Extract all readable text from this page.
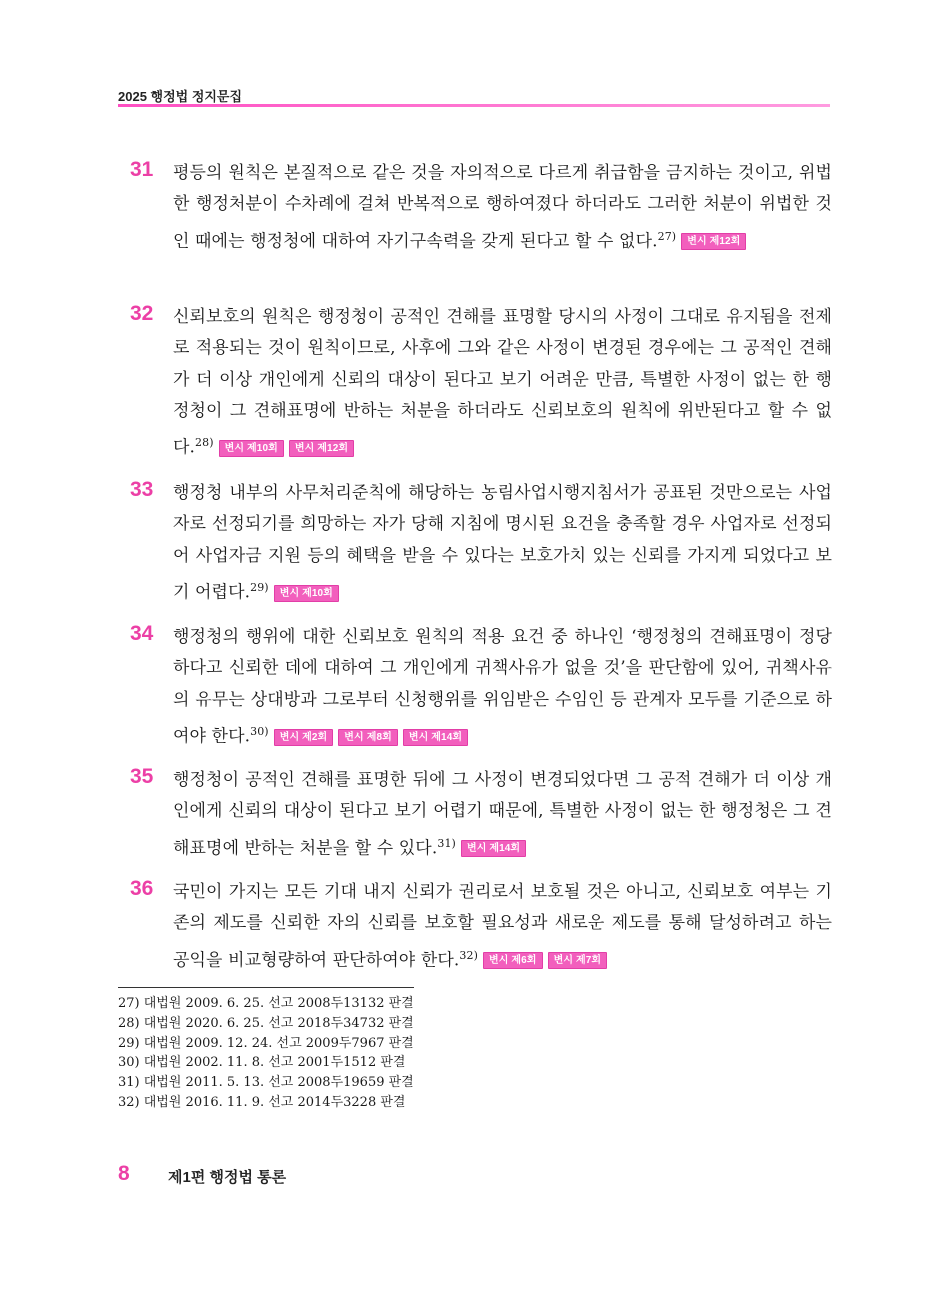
2025 행정법 정지문집
31	평등의 원칙은 본질적으로 같은 것을 자의적으로 다르게 취급함을 금지하는 것이고, 위법한 행정처분이 수차례에 걸쳐 반복적으로 행하여졌다 하더라도 그러한 처분이 위법한 것인 때에는 행정청에 대하여 자기구속력을 갖게 된다고 할 수 없다.$^{27)}$ 변시 제12회
32	신뢰보호의 원칙은 행정청이 공적인 견해를 표명할 당시의 사정이 그대로 유지됨을 전제로 적용되는 것이 원칙이므로, 사후에 그와 같은 사정이 변경된 경우에는 그 공적인 견해가 더 이상 개인에게 신뢰의 대상이 된다고 보기 어려운 만큼, 특별한 사정이 없는 한 행정청이 그 견해표명에 반하는 처분을 하더라도 신뢰보호의 원칙에 위반된다고 할 수 없다.$^{28)}$ 변시 제10회 변시 제12회
33	행정청 내부의 사무처리준칙에 해당하는 농림사업시행지침서가 공표된 것만으로는 사업자로 선정되기를 희망하는 자가 당해 지침에 명시된 요건을 충족할 경우 사업자로 선정되어 사업자금 지원 등의 혜택을 받을 수 있다는 보호가치 있는 신뢰를 가지게 되었다고 보기 어렵다.$^{29)}$ 변시 제10회
34	행정청의 행위에 대한 신뢰보호 원칙의 적용 요건 중 하나인 ‘행정청의 견해표명이 정당하다고 신뢰한 데에 대하여 그 개인에게 귀책사유가 없을 것’을 판단함에 있어, 귀책사유의 유무는 상대방과 그로부터 신청행위를 위임받은 수임인 등 관계자 모두를 기준으로 하여야 한다.$^{30)}$ 변시 제2회 변시 제8회 변시 제14회
35	행정청이 공적인 견해를 표명한 뒤에 그 사정이 변경되었다면 그 공적 견해가 더 이상 개인에게 신뢰의 대상이 된다고 보기 어렵기 때문에, 특별한 사정이 없는 한 행정청은 그 견해표명에 반하는 처분을 할 수 있다.$^{31)}$ 변시 제14회
36	국민이 가지는 모든 기대 내지 신뢰가 권리로서 보호될 것은 아니고, 신뢰보호 여부는 기존의 제도를 신뢰한 자의 신뢰를 보호할 필요성과 새로운 제도를 통해 달성하려고 하는 공익을 비교형량하여 판단하여야 한다.$^{32)}$ 변시 제6회 변시 제7회
27) 대법원 2009. 6. 25. 선고 2008두13132 판결
28) 대법원 2020. 6. 25. 선고 2018두34732 판결
29) 대법원 2009. 12. 24. 선고 2009두7967 판결
30) 대법원 2002. 11. 8. 선고 2001두1512 판결
31) 대법원 2011. 5. 13. 선고 2008두19659 판결
32) 대법원 2016. 11. 9. 선고 2014두3228 판결
8	제1편 행정법 통론
